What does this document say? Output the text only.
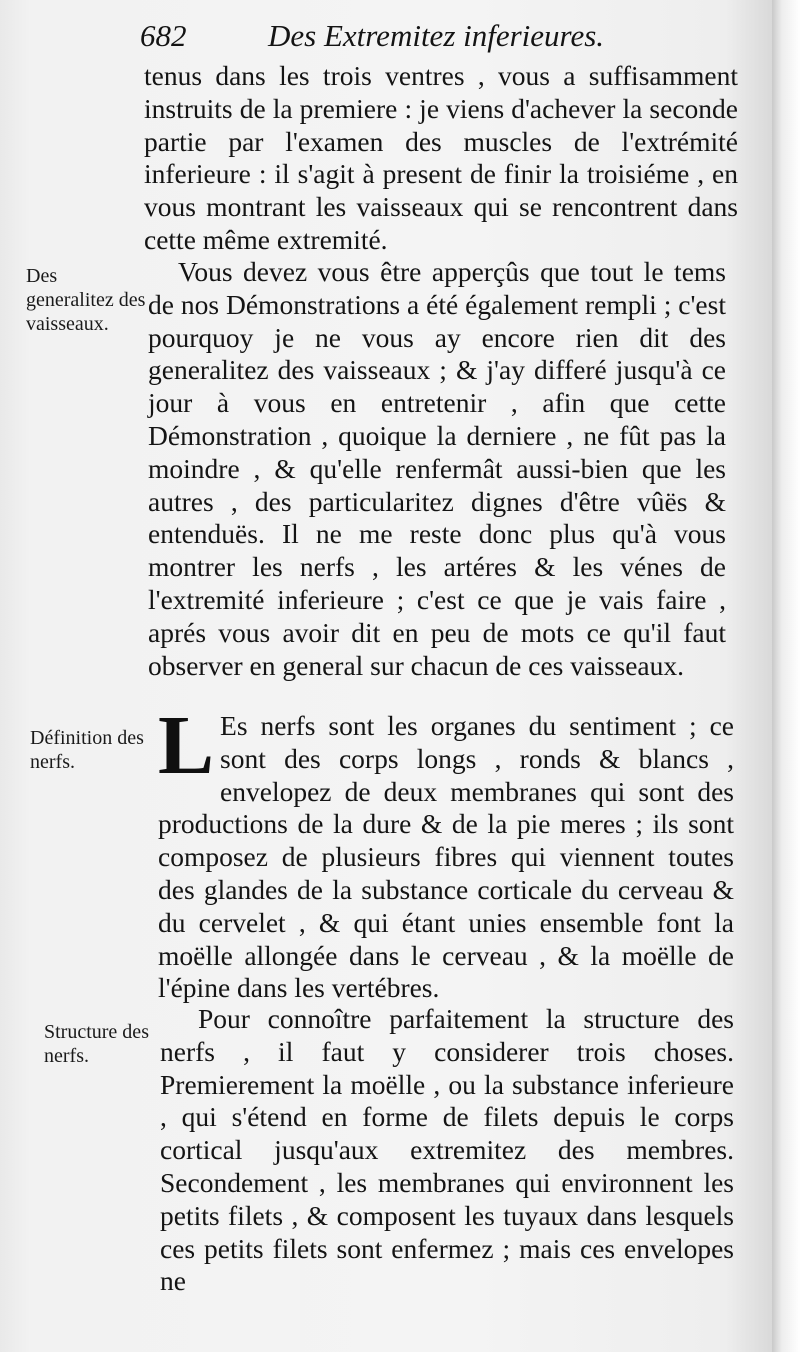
682	Des Extremitez inferieures.

tenus dans les trois ventres , vous a suffisamment instruits de la premiere : je viens d'achever la seconde partie par l'examen des muscles de l'extrémité inferieure : il s'agit à present de finir la troisiéme , en vous montrant les vaisseaux qui se rencontrent dans cette même extremité.

Des generalitez des vaisseaux.

Vous devez vous être apperçûs que tout le tems de nos Démonstrations a été également rempli ; c'est pourquoy je ne vous ay encore rien dit des generalitez des vaisseaux ; & j'ay differé jusqu'à ce jour à vous en entretenir , afin que cette Démonstration , quoique la derniere , ne fût pas la moindre , & qu'elle renfermât aussi-bien que les autres , des particularitez dignes d'être vûës & entenduës. Il ne me reste donc plus qu'à vous montrer les nerfs , les artéres & les vénes de l'extremité inferieure ; c'est ce que je vais faire , aprés vous avoir dit en peu de mots ce qu'il faut observer en general sur chacun de ces vaisseaux.

Définition des nerfs. L Es nerfs sont les organes du sentiment ; ce sont des corps longs , ronds & blancs , envelopez de deux membranes qui sont des productions de la dure & de la pie meres ; ils sont composez de plusieurs fibres qui viennent toutes des glandes de la substance corticale du cerveau & du cervelet , & qui étant unies ensemble font la moëlle allongée dans le cerveau , & la moëlle de l'épine dans les vertébres.

Structure des nerfs.

Pour connoître parfaitement la structure des nerfs , il faut y considerer trois choses. Premierement la moëlle , ou la substance inferieure , qui s'étend en forme de filets depuis le corps cortical jusqu'aux extremitez des membres. Secondement , les membranes qui environnent les petits filets , & composent les tuyaux dans lesquels ces petits filets sont enfermez ; mais ces envelopes ne
